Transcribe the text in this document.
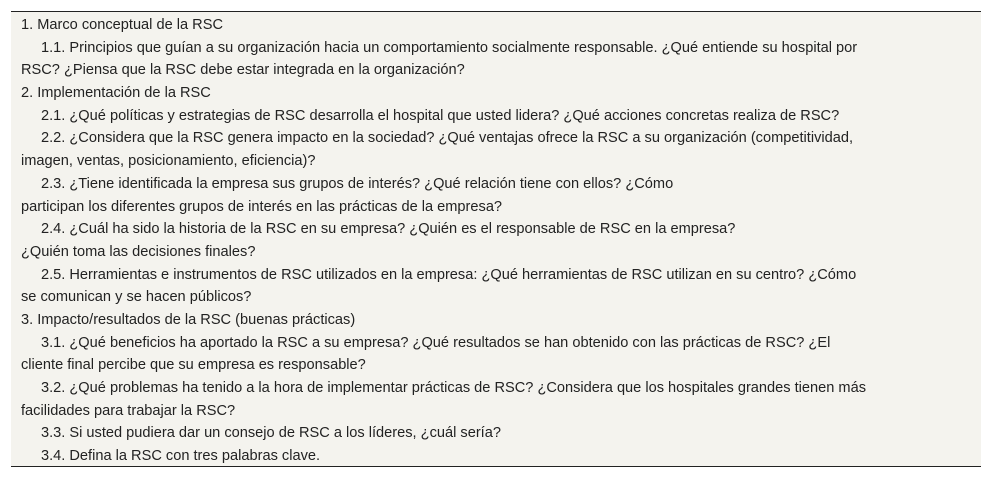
1. Marco conceptual de la RSC
1.1. Principios que guían a su organización hacia un comportamiento socialmente responsable. ¿Qué entiende su hospital por
RSC? ¿Piensa que la RSC debe estar integrada en la organización?
2. Implementación de la RSC
2.1. ¿Qué políticas y estrategias de RSC desarrolla el hospital que usted lidera? ¿Qué acciones concretas realiza de RSC?
2.2. ¿Considera que la RSC genera impacto en la sociedad? ¿Qué ventajas ofrece la RSC a su organización (competitividad,
imagen, ventas, posicionamiento, eficiencia)?
2.3. ¿Tiene identificada la empresa sus grupos de interés? ¿Qué relación tiene con ellos? ¿Cómo
participan los diferentes grupos de interés en las prácticas de la empresa?
2.4. ¿Cuál ha sido la historia de la RSC en su empresa? ¿Quién es el responsable de RSC en la empresa?
¿Quién toma las decisiones finales?
2.5. Herramientas e instrumentos de RSC utilizados en la empresa: ¿Qué herramientas de RSC utilizan en su centro? ¿Cómo
se comunican y se hacen públicos?
3. Impacto/resultados de la RSC (buenas prácticas)
3.1. ¿Qué beneficios ha aportado la RSC a su empresa? ¿Qué resultados se han obtenido con las prácticas de RSC? ¿El
cliente final percibe que su empresa es responsable?
3.2. ¿Qué problemas ha tenido a la hora de implementar prácticas de RSC? ¿Considera que los hospitales grandes tienen más
facilidades para trabajar la RSC?
3.3. Si usted pudiera dar un consejo de RSC a los líderes, ¿cuál sería?
3.4. Defina la RSC con tres palabras clave.
